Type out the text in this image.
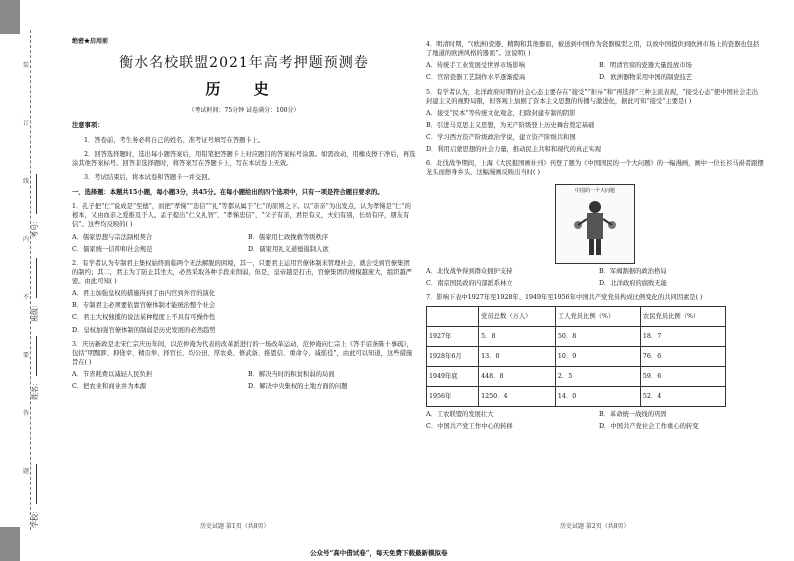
学校：
姓名：
班级：
考号：
装
订
线
内
不
要
答
题
绝密★启用前
衡水名校联盟2021年高考押题预测卷
历 史
（考试时间：75分钟 试卷满分：100分）
注意事项：
1．答卷前，考生务必将自己的姓名、准考证号填写在答题卡上。
2．回答选择题时，选出每小题答案后，用铅笔把答题卡上对应题目的答案标号涂黑。如需改动，用橡皮擦干净后，再选涂其他答案标号。回答非选择题时，将答案写在答题卡上，写在本试卷上无效。
3．考试结束后，将本试卷和答题卡一并交回。
一、选择题：本题共15小题，每小题3分，共45分。在每小题给出的四个选项中，只有一项是符合题目要求的。
1．孔子把“仁”说成是“至德”，而把“孝悌”“忠信”“礼”等都从属于“仁”的原则之下。以“亲亲”为出发点，认为孝悌是“仁”的根本，又由血亲之爱推及于人。孟子提出“仁义礼智”、“孝悌忠信”、“父子有亲，君臣有义，夫妇有别，长幼有序，朋友有信”。这些均反映的( )
A．儒家思想与宗法制相契合	B．儒家用仁政挽救等级秩序
C．儒家统一信仰和社会规范	D．儒家用礼义道德遏制人欲
2．有学者认为专制君主集权始终面临两个无法解脱的困境，其一，只要君主运用官僚体制来管理社会，就会受到官僚集团的制约；其二，君主为了防止其坐大，必然采取各种手段来削弱，但是，皇帝越是打击，官僚集团的规模越庞大，组织越严密。由此可知( )
A．君主加强皇权的措施得到了由内官到外官的演化
B．专制君主必须要依靠官僚体制才能统治整个社会
C．君主大权独揽的说法某种程度上不具有可操作性
D．皇权加强官僚体制的制弱是历史发展的必然趋势
3．庆历新政是北宋仁宗庆历年间，以范仲淹为代表的改革派进行的一场改革运动，范仲淹向仁宗上《答手诏条陈十事疏》，包括“明黜陟、抑侥幸、精贡举、择官长、均公田、厚农桑、修武备、推恩信、重命令、减徭役”，由此可以知道，这些措施旨在( )
A．节省耗费以减轻人民负担	B．解决当时的积贫积弱的局面
C．把农业和商业并为本源	D．解决中央集权的土地方面的问题
历史试题 第1页（共8页）
4．明清时期，“(欧洲)瓷器、精陶和其他器皿，被送到中国作为瓷器模型之用，以致中国提供到欧洲市场上的瓷器也包括了地道的欧洲风格的器皿”。这说明( )
A．传统手工业发展受世界市场影响	B．明清官窑的瓷器大量投放市场
C．官窑瓷器工艺制作水平逐渐提高	D．欧洲器物采用中国的制瓷技艺
5．有学者认为，北洋政府时期的社会心态主要存在“接受”“拒斥”和“再选择”三种主流表现，“接受心态”使中国社会走出封建主义的视野局限，但客观上加剧了资本主义思想的传播与激进化，据此可知“接受”主要是( )
A．接受“民本”等传统文化观念，扫除封建专制的阴影
B．引进马克思主义思想，为无产阶级登上历史舞台奠定基础
C．学习西方资产阶级政治学说，建立资产阶级共和国
D．利用启蒙思想的社会力量，推动民主共和和现代的真正实现
6．北伐战争期间，上海《大民报国画社刊》刊登了题为《中国国民的一个大问题》的一幅漫画，画中一位长衫马褂者跟摆龙头而擦身乡头。这幅漫画反映出当时( )
中国的一个大问题
A．北伐战争得到群众拥护支持	B．军阀割据的政治格局
C．南京国民政府内部派系林立	D．北洋政府的腐败无能
7．影响下表中1927年至1928年、1949年至1956年中国共产党党员构成比例变化的共同因素是( )
	党员总数（万人）	工人党员比例（%）	农民党员比例（%）
1927年	5．8	50．8	18．7
1928年6月	13．0	10．9	76．6
1949年底	448．8	2．5	59．6
1956年	1250．4	14．0	52．4
A．工农联盟的发展壮大	B．革命统一战线的巩固
C．中国共产党工作中心的转移	D．中国共产党社会工作重心的转变
历史试题 第2页（共8页）
公众号“高中借试卷”，每天免费下载最新模拟卷
